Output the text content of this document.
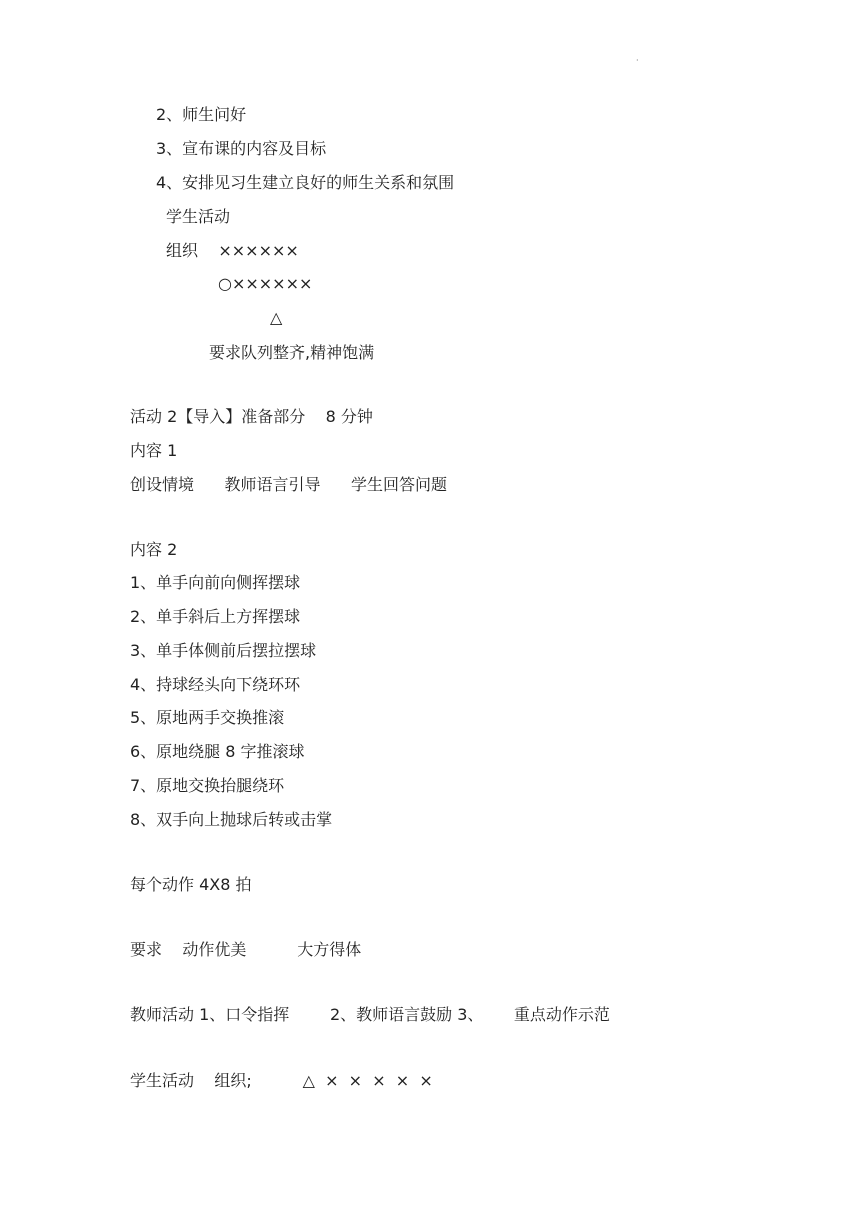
·
2、师生问好
3、宣布课的内容及目标
4、安排见习生建立良好的师生关系和氛围
学生活动
组织    ××××××
○××××××
△
要求队列整齐,精神饱满
活动 2【导入】准备部分    8 分钟
内容 1
创设情境      教师语言引导      学生回答问题
内容 2
1、单手向前向侧挥摆球
2、单手斜后上方挥摆球
3、单手体侧前后摆拉摆球
4、持球经头向下绕环环
5、原地两手交换推滚
6、原地绕腿 8 字推滚球
7、原地交换抬腿绕环
8、双手向上抛球后转或击掌
每个动作 4X8 拍
要求    动作优美          大方得体
教师活动 1、口令指挥        2、教师语言鼓励 3、      重点动作示范
学生活动    组织;          △  ×  ×  ×  ×  ×
